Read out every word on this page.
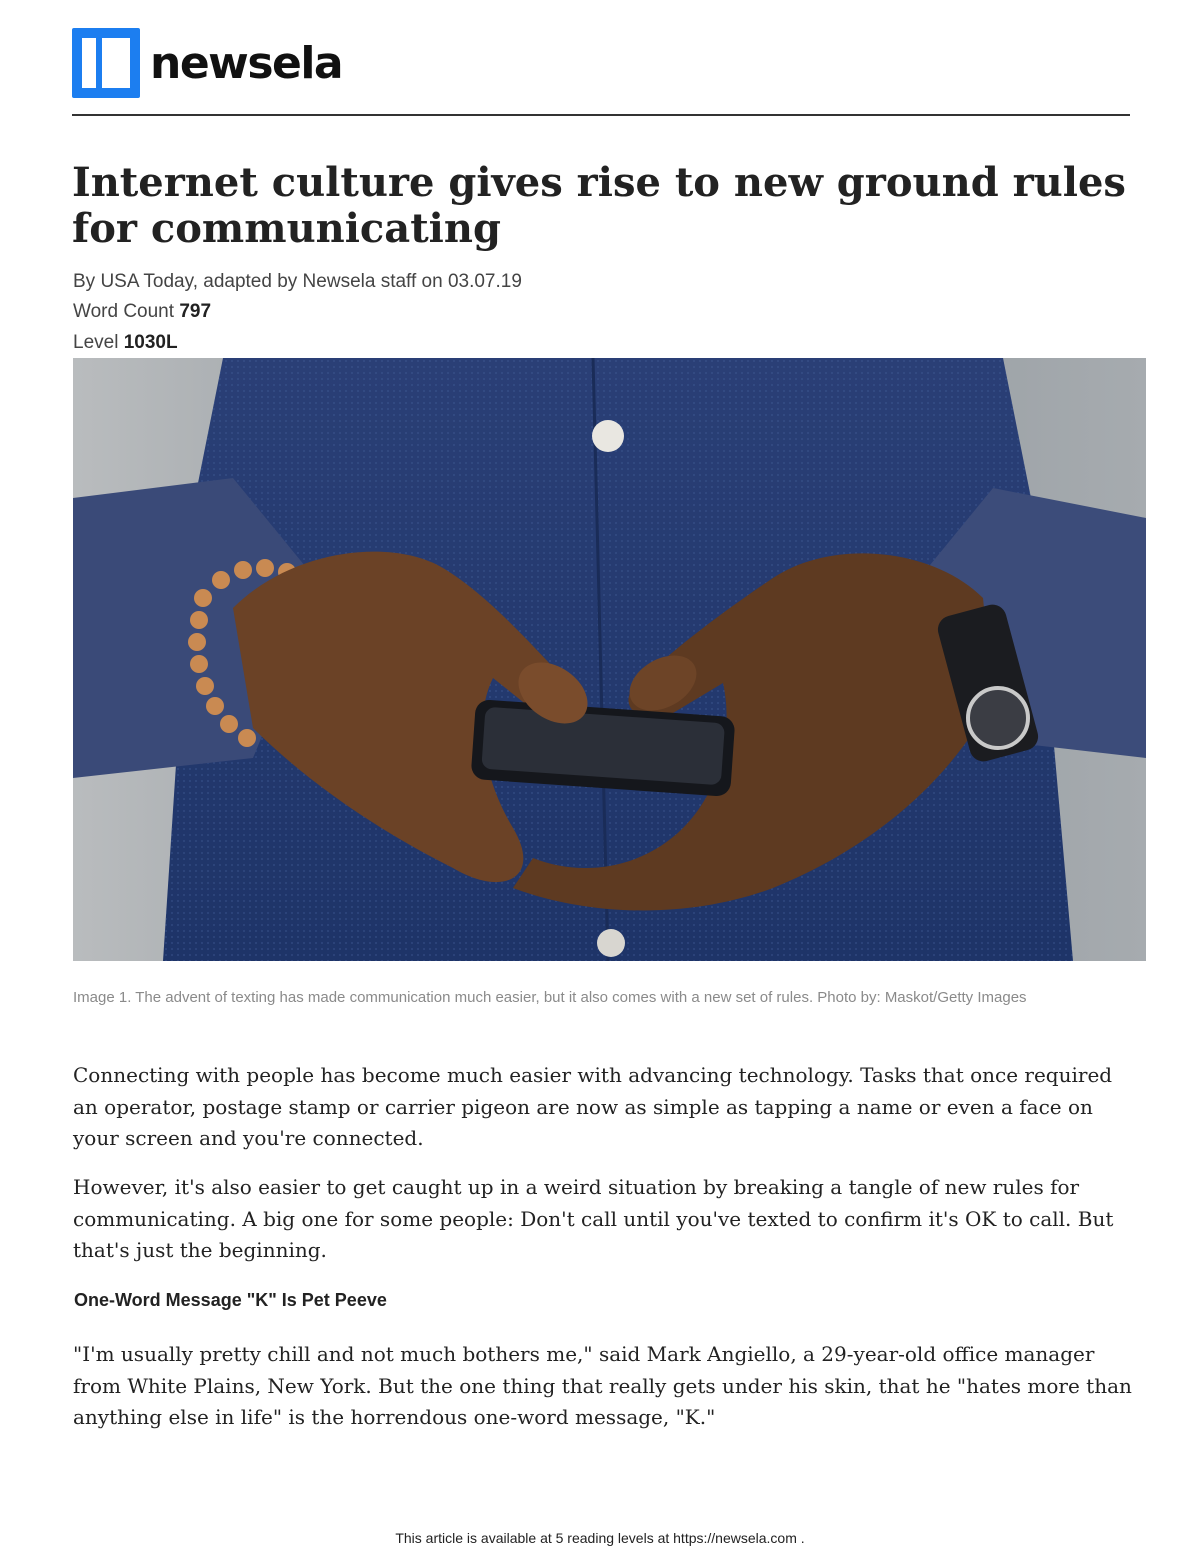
newsela
Internet culture gives rise to new ground rules for communicating
By USA Today, adapted by Newsela staff on 03.07.19
Word Count 797
Level 1030L
Image 1. The advent of texting has made communication much easier, but it also comes with a new set of rules. Photo by: Maskot/Getty Images

Connecting with people has become much easier with advancing technology. Tasks that once required an operator, postage stamp or carrier pigeon are now as simple as tapping a name or even a face on your screen and you're connected.

However, it's also easier to get caught up in a weird situation by breaking a tangle of new rules for communicating. A big one for some people: Don't call until you've texted to confirm it's OK to call. But that's just the beginning.

One-Word Message "K" Is Pet Peeve

"I'm usually pretty chill and not much bothers me," said Mark Angiello, a 29-year-old office manager from White Plains, New York. But the one thing that really gets under his skin, that he "hates more than anything else in life" is the horrendous one-word message, "K."

This article is available at 5 reading levels at https://newsela.com .
